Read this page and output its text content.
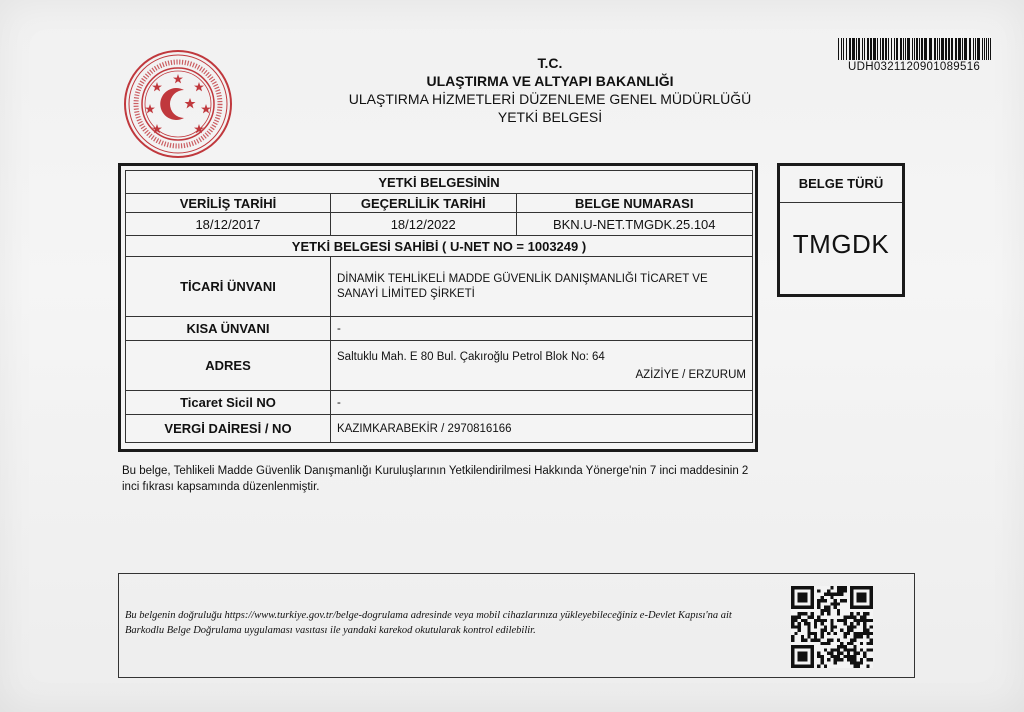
T.C.
ULAŞTIRMA VE ALTYAPI BAKANLIĞI
ULAŞTIRMA HİZMETLERİ DÜZENLEME GENEL MÜDÜRLÜĞÜ
YETKİ BELGESİ
UDH0321120901089516
YETKİ BELGESİNİN		
VERİLİŞ TARİHİ	GEÇERLİLİK TARİHİ	BELGE NUMARASI
18/12/2017	18/12/2022	BKN.U-NET.TMGDK.25.104
YETKİ BELGESİ SAHİBİ ( U-NET NO = 1003249 )		
TİCARİ ÜNVANI	DİNAMİK TEHLİKELİ MADDE GÜVENLİK DANIŞMANLIĞI TİCARET VE SANAYİ LİMİTED ŞİRKETİ	

KISA ÜNVANI	-	
ADRES	Saltuklu Mah. E 80 Bul. Çakıroğlu Petrol Blok No: 64
AZİZİYE / ERZURUM	

Ticaret Sicil NO	-	
VERGİ DAİRESİ / NO	KAZIMKARABEKİR / 2970816166	
BELGE TÜRÜ
TMGDK
Bu belge, Tehlikeli Madde Güvenlik Danışmanlığı Kuruluşlarının Yetkilendirilmesi Hakkında Yönerge'nin 7 inci maddesinin 2 inci fıkrası kapsamında düzenlenmiştir.
Bu belgenin doğruluğu https://www.turkiye.gov.tr/belge-dogrulama adresinde veya mobil cihazlarınıza yükleyebileceğiniz e-Devlet Kapısı'na ait Barkodlu Belge Doğrulama uygulaması vasıtası ile yandaki karekod okutularak kontrol edilebilir.
